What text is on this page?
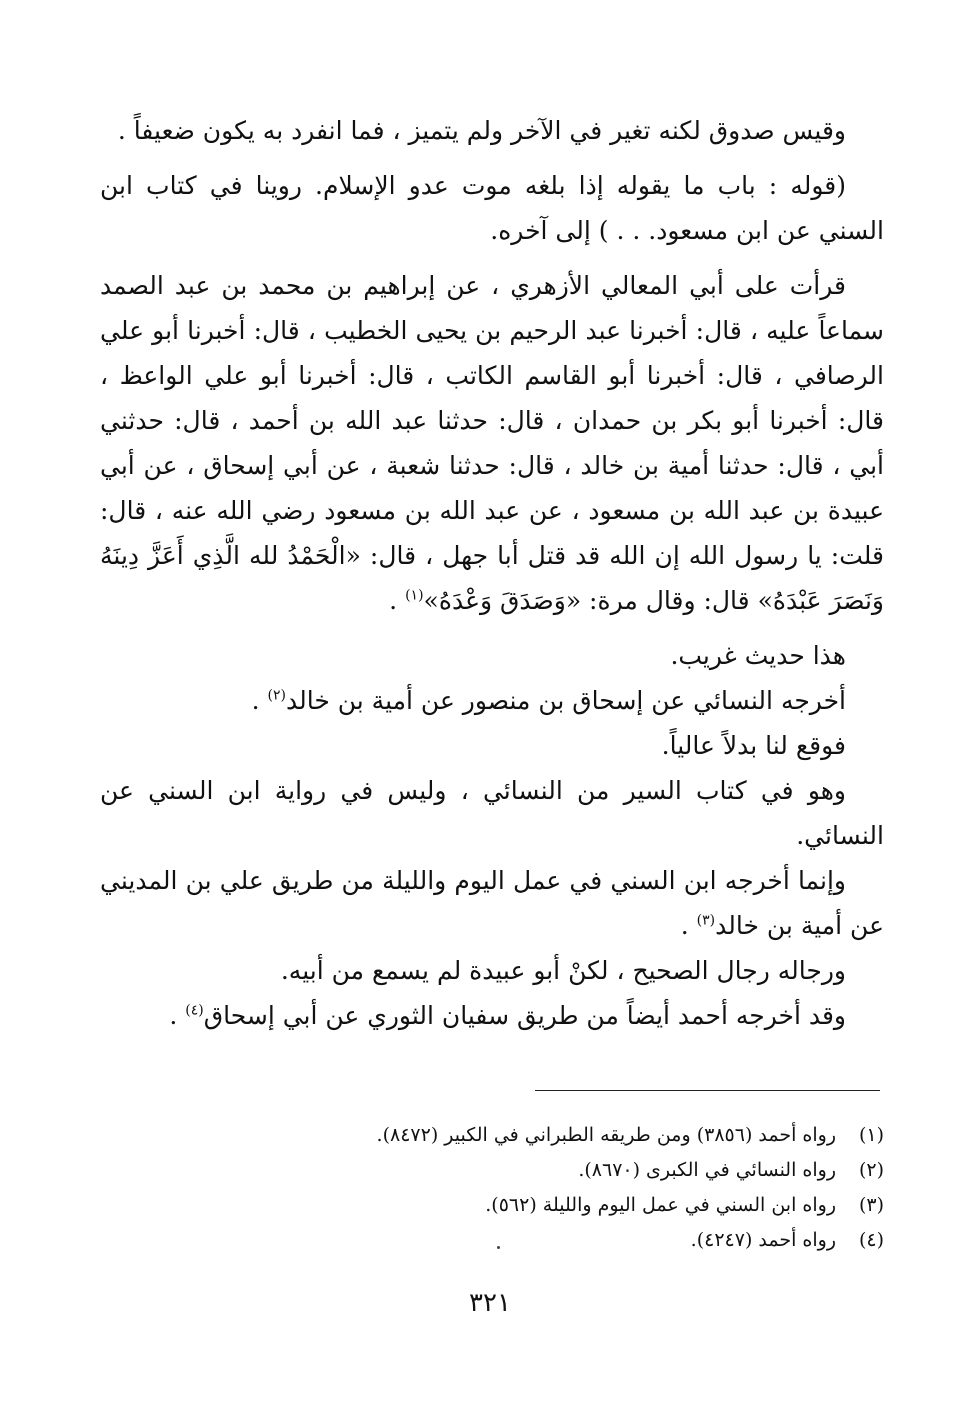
وقيس صدوق لكنه تغير في الآخر ولم يتميز ، فما انفرد به يكون ضعيفاً .

(قوله : باب ما يقوله إذا بلغه موت عدو الإسلام. روينا في كتاب ابن السني عن ابن مسعود. . . ) إلى آخره.

قرأت على أبي المعالي الأزهري ، عن إبراهيم بن محمد بن عبد الصمد سماعاً عليه ، قال: أخبرنا عبد الرحيم بن يحيى الخطيب ، قال: أخبرنا أبو علي الرصافي ، قال: أخبرنا أبو القاسم الكاتب ، قال: أخبرنا أبو علي الواعظ ، قال: أخبرنا أبو بكر بن حمدان ، قال: حدثنا عبد الله بن أحمد ، قال: حدثني أبي ، قال: حدثنا أمية بن خالد ، قال: حدثنا شعبة ، عن أبي إسحاق ، عن أبي عبيدة بن عبد الله بن مسعود ، عن عبد الله بن مسعود رضي الله عنه ، قال: قلت: يا رسول الله إن الله قد قتل أبا جهل ، قال: «الْحَمْدُ لله الَّذِي أَعَزَّ دِينَهُ وَنَصَرَ عَبْدَهُ» قال: وقال مرة: «وَصَدَقَ وَعْدَهُ»$^{(١)}$ .

هذا حديث غريب.

أخرجه النسائي عن إسحاق بن منصور عن أمية بن خالد$^{(٢)}$ .

فوقع لنا بدلاً عالياً.

وهو في كتاب السير من النسائي ، وليس في رواية ابن السني عن النسائي.

وإنما أخرجه ابن السني في عمل اليوم والليلة من طريق علي بن المديني عن أمية بن خالد$^{(٣)}$ .

ورجاله رجال الصحيح ، لكنْ أبو عبيدة لم يسمع من أبيه.

وقد أخرجه أحمد أيضاً من طريق سفيان الثوري عن أبي إسحاق$^{(٤)}$ .

(١)
رواه أحمد (٣٨٥٦) ومن طريقه الطبراني في الكبير (٨٤٧٢).
(٢)
رواه النسائي في الكبرى (٨٦٧٠).
(٣)
رواه ابن السني في عمل اليوم والليلة (٥٦٢).
(٤)
رواه أحمد (٤٢٤٧).
٣٢١
